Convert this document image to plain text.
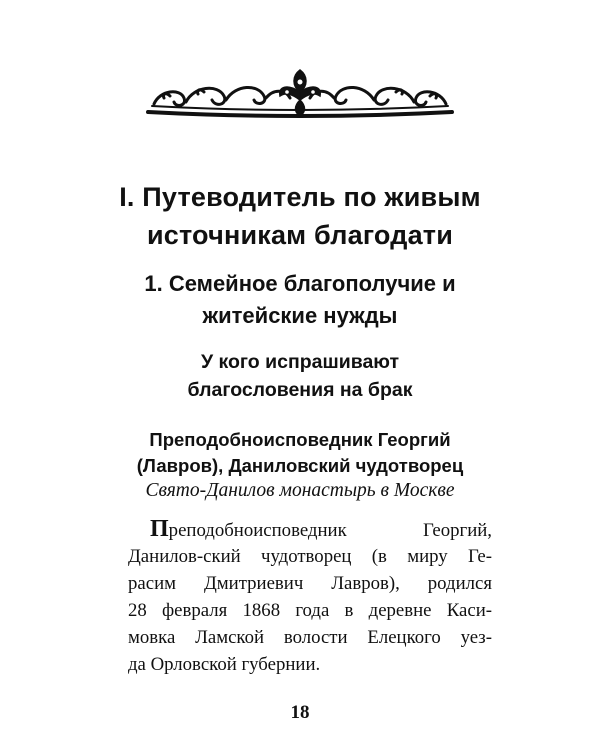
I. Путеводитель по живым
источникам благодати
1. Семейное благополучие и
житейские нужды
У кого испрашивают
благословения на брак
Преподобноисповедник Георгий
(Лавров), Даниловский чудотворец
Свято-Данилов монастырь в Москве
Преподобноисповедник Георгий,
Данилов-ский чудотворец (в миру Ге-
расим Дмитриевич Лавров), родился
28 февраля 1868 года в деревне Каси-
мовка Ламской волости Елецкого уез-
да Орловской губернии.
18
